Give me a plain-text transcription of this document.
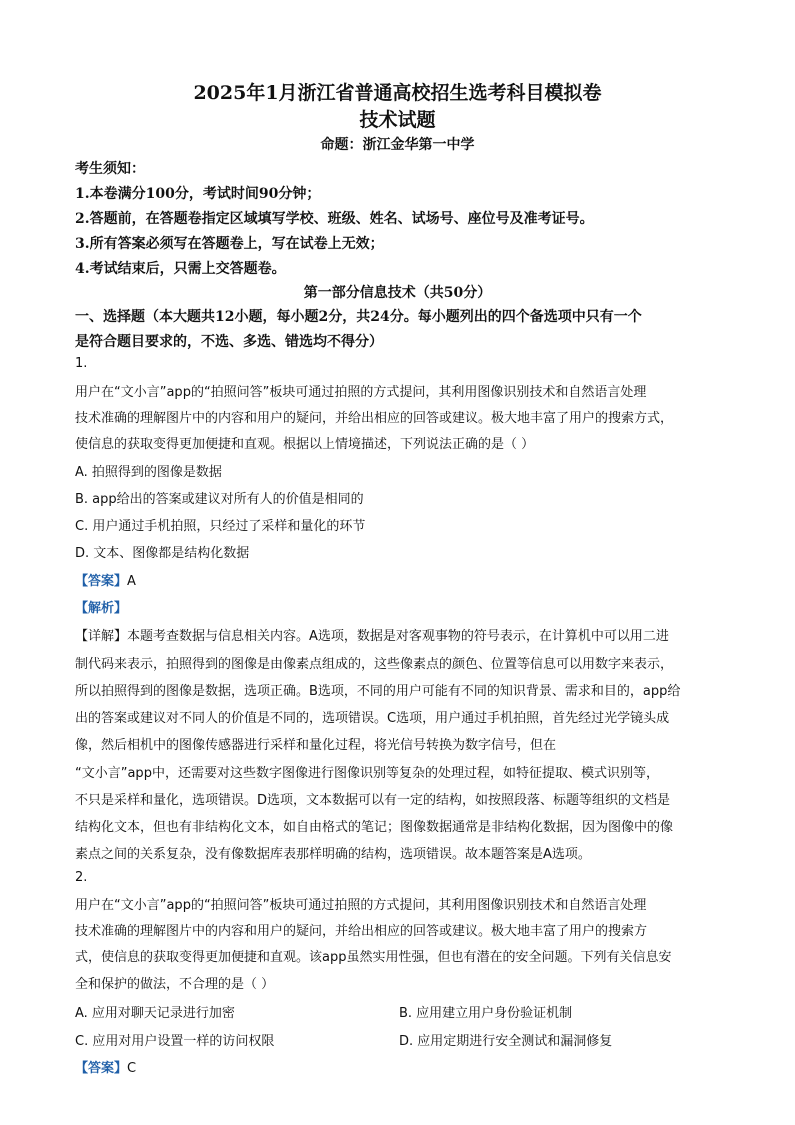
2025年1月浙江省普通高校招生选考科目模拟卷
技术试题
命题：浙江金华第一中学
考生须知：
1.本卷满分100分，考试时间90分钟；
2.答题前，在答题卷指定区域填写学校、班级、姓名、试场号、座位号及准考证号。
3.所有答案必须写在答题卷上，写在试卷上无效；
4.考试结束后，只需上交答题卷。
第一部分信息技术（共50分）
一、选择题（本大题共12小题，每小题2分，共24分。每小题列出的四个备选项中只有一个
是符合题目要求的，不选、多选、错选均不得分）
1.
用户在“文小言”app的“拍照问答”板块可通过拍照的方式提问，其利用图像识别技术和自然语言处理
技术准确的理解图片中的内容和用户的疑问，并给出相应的回答或建议。极大地丰富了用户的搜索方式，
使信息的获取变得更加便捷和直观。根据以上情境描述，下列说法正确的是（ ）
A. 拍照得到的图像是数据
B. app给出的答案或建议对所有人的价值是相同的
C. 用户通过手机拍照，只经过了采样和量化的环节
D. 文本、图像都是结构化数据
【答案】A
【解析】
【详解】本题考查数据与信息相关内容。A选项，数据是对客观事物的符号表示，在计算机中可以用二进
制代码来表示，拍照得到的图像是由像素点组成的，这些像素点的颜色、位置等信息可以用数字来表示，
所以拍照得到的图像是数据，选项正确。B选项，不同的用户可能有不同的知识背景、需求和目的，app给
出的答案或建议对不同人的价值是不同的，选项错误。C选项，用户通过手机拍照，首先经过光学镜头成
像，然后相机中的图像传感器进行采样和量化过程，将光信号转换为数字信号，但在
“文小言”app中，还需要对这些数字图像进行图像识别等复杂的处理过程，如特征提取、模式识别等，
不只是采样和量化，选项错误。D选项，文本数据可以有一定的结构，如按照段落、标题等组织的文档是
结构化文本，但也有非结构化文本，如自由格式的笔记；图像数据通常是非结构化数据，因为图像中的像
素点之间的关系复杂，没有像数据库表那样明确的结构，选项错误。故本题答案是A选项。
2.
用户在“文小言”app的“拍照问答”板块可通过拍照的方式提问，其利用图像识别技术和自然语言处理
技术准确的理解图片中的内容和用户的疑问，并给出相应的回答或建议。极大地丰富了用户的搜索方
式，使信息的获取变得更加便捷和直观。该app虽然实用性强，但也有潜在的安全问题。下列有关信息安
全和保护的做法，不合理的是（ ）
A. 应用对聊天记录进行加密	B. 应用建立用户身份验证机制
C. 应用对用户设置一样的访问权限	D. 应用定期进行安全测试和漏洞修复
【答案】C
